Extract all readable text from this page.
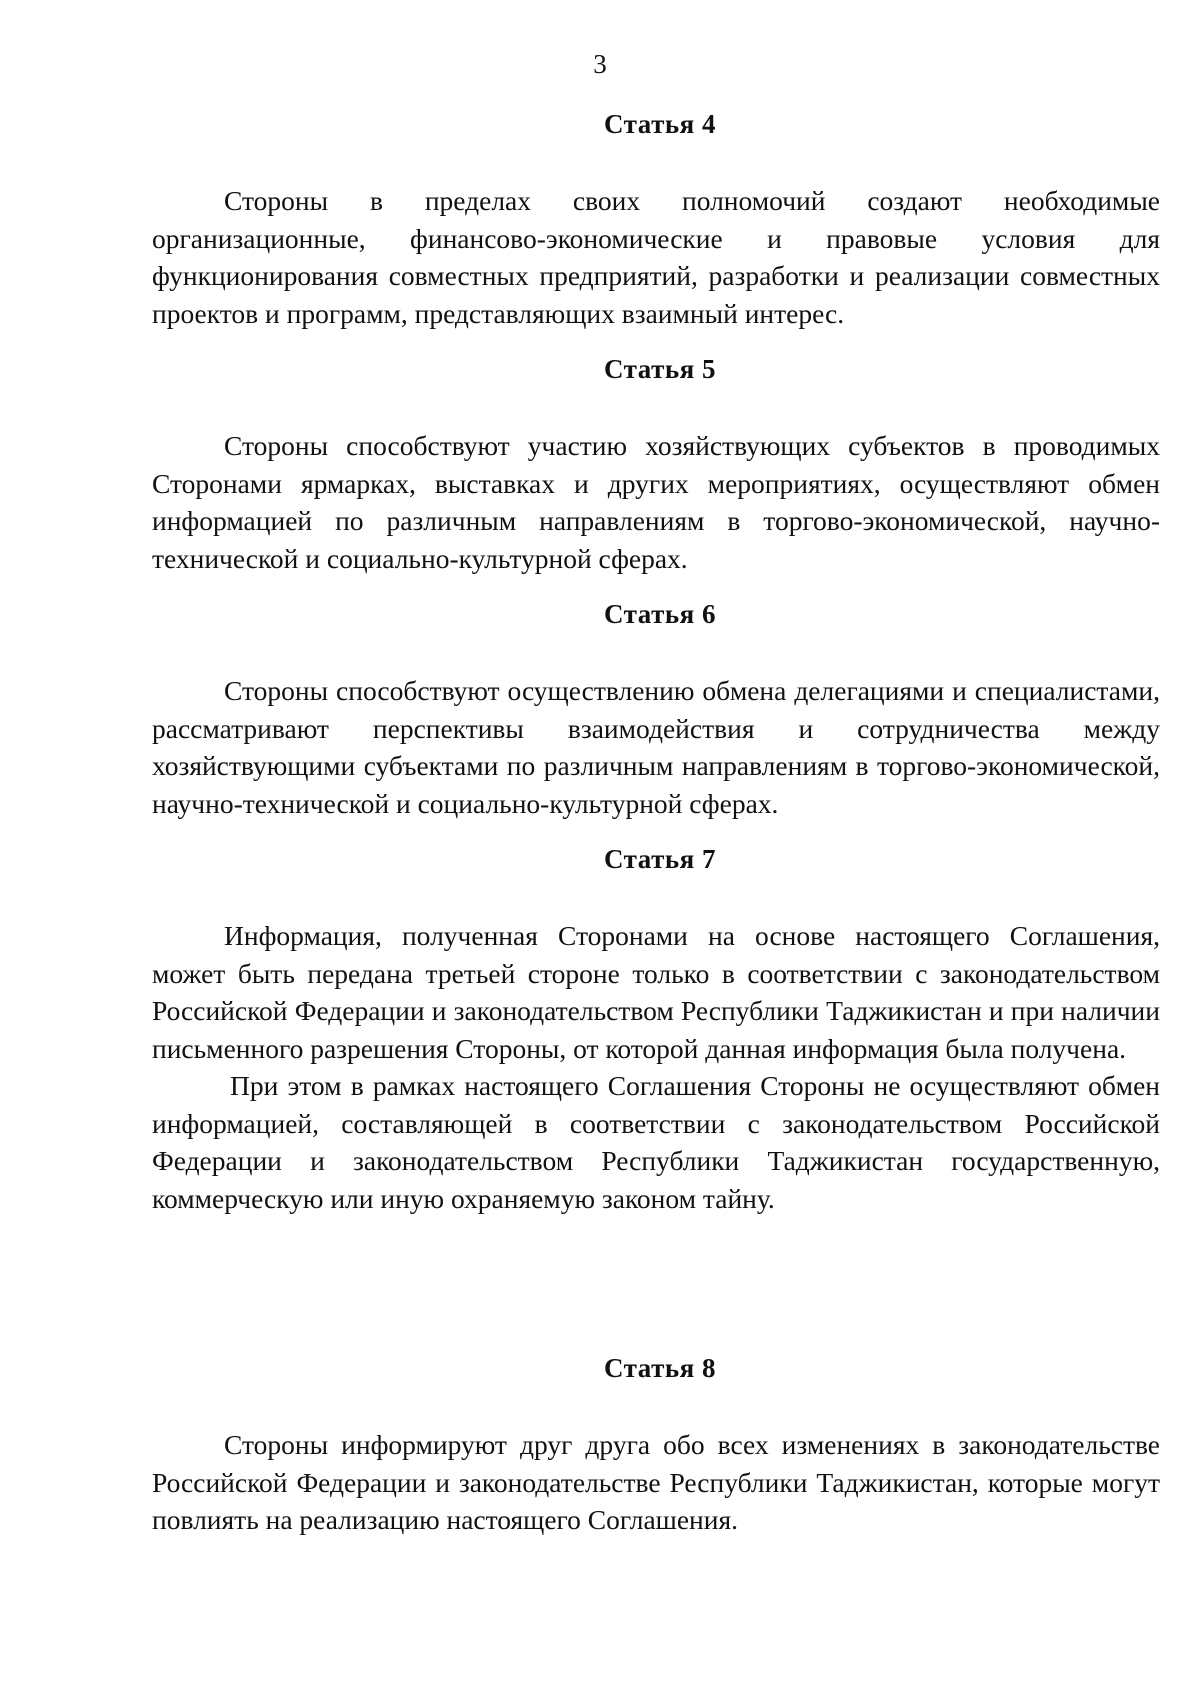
3
Статья 4

Стороны в пределах своих полномочий создают необходимые организационные, финансово-экономические и правовые условия для функционирования совместных предприятий, разработки и реализации совместных проектов и программ, представляющих взаимный интерес.

Статья 5

Стороны способствуют участию хозяйствующих субъектов в проводимых Сторонами ярмарках, выставках и других мероприятиях, осуществляют обмен информацией по различным направлениям в торгово-экономической, научно-технической и социально-культурной сферах.

Статья 6

Стороны способствуют осуществлению обмена делегациями и специалистами, рассматривают перспективы взаимодействия и сотрудничества между хозяйствующими субъектами по различным направлениям в торгово-экономической, научно-технической и социально-культурной сферах.

Статья 7

Информация, полученная Сторонами на основе настоящего Соглашения, может быть передана третьей стороне только в соответствии с законодательством Российской Федерации и законодательством Республики Таджикистан и при наличии письменного разрешения Стороны, от которой данная информация была получена.

При этом в рамках настоящего Соглашения Стороны не осуществляют обмен информацией, составляющей в соответствии с законодательством Российской Федерации и законодательством Республики Таджикистан государственную, коммерческую или иную охраняемую законом тайну.

Статья 8

Стороны информируют друг друга обо всех изменениях в законодательстве Российской Федерации и законодательстве Республики Таджикистан, которые могут повлиять на реализацию настоящего Соглашения.
